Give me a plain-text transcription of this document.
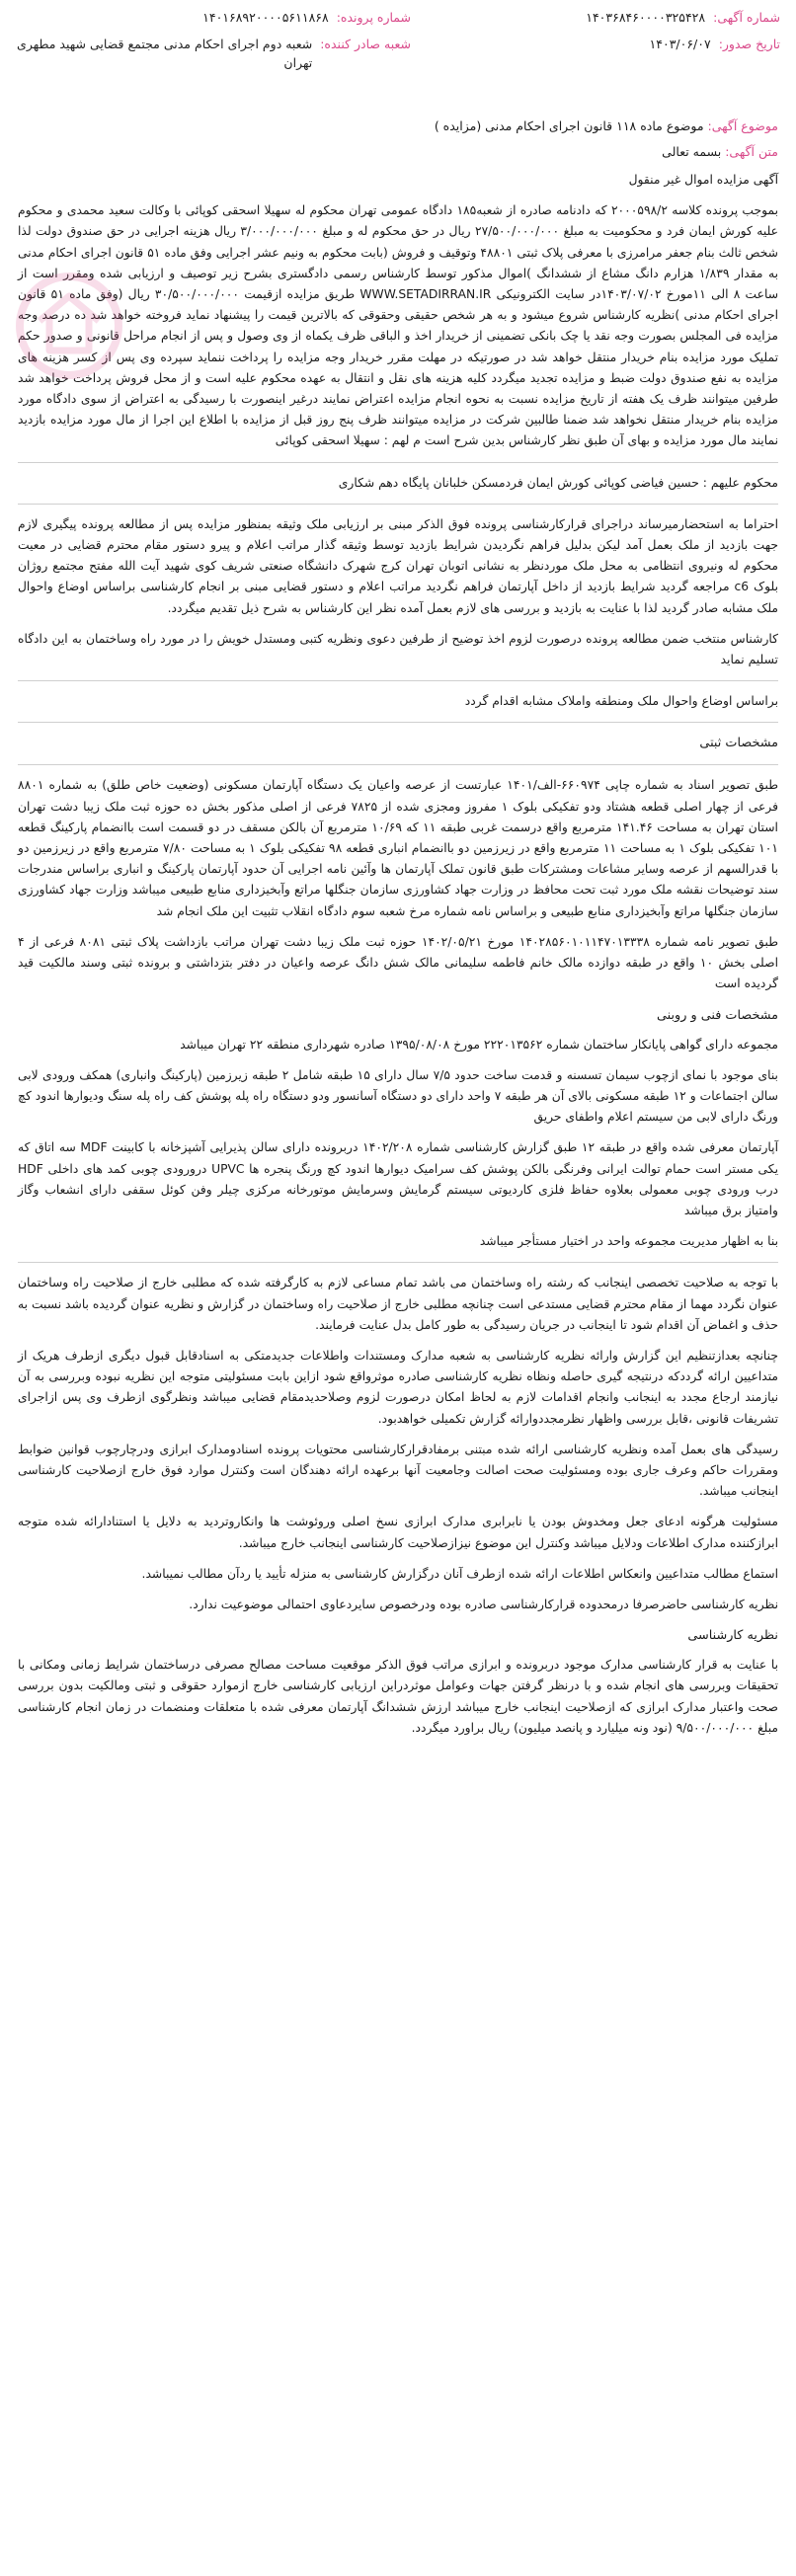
شماره آگهی:
۱۴۰۳۶۸۴۶۰۰۰۰۳۲۵۴۲۸
تاریخ صدور:
۱۴۰۳/۰۶/۰۷
شماره پرونده:
۱۴۰۱۶۸۹۲۰۰۰۰۵۶۱۱۸۶۸
شعبه صادر کننده:
شعبه دوم اجرای احکام مدنی مجتمع قضایی شهید مطهری تهران
موضوع آگهی: موضوع ماده ۱۱۸ قانون اجرای احکام مدنی (مزایده )
متن آگهی: بسمه تعالی
آگهی مزایده اموال غیر منقول
بموجب پرونده کلاسه ۲۰۰۰۵۹۸/۲ که دادنامه صادره از شعبه۱۸۵ دادگاه عمومی تهران محکوم له سهیلا اسحقی کوپائی با وکالت سعید محمدی و محکوم علیه کورش ایمان فرد و محکومیت به مبلغ ۲۷/۵۰۰/۰۰۰/۰۰۰ ریال در حق محکوم له و مبلغ ۳/۰۰۰/۰۰۰/۰۰۰ ریال هزینه اجرایی در حق صندوق دولت لذا شخص ثالث بنام جعفر مرامرزی با معرفی پلاک ثبتی ۴۸۸۰۱ وتوقیف و فروش (بابت محکوم به ونیم عشر اجرایی وفق ماده ۵۱ قانون اجرای احکام مدنی به مقدار ۱/۸۳۹ هزارم دانگ مشاع از ششدانگ )اموال مذکور توسط کارشناس رسمی دادگستری بشرح زیر توصیف و ارزیابی شده ومقرر است از ساعت ۸ الی ۱۱مورخ ۱۴۰۳/۰۷/۰۲در سایت الکترونیکی WWW.SETADIRRAN.IR طریق مزایده ازقیمت ۳۰/۵۰۰/۰۰۰/۰۰۰ ریال (وفق ماده ۵۱ قانون اجرای احکام مدنی )نظریه کارشناس شروع میشود و به هر شخص حقیقی وحقوقی که بالاترین قیمت را پیشنهاد نماید فروخته خواهد شد ده درصد وجه مزایده فی المجلس بصورت وجه نقد یا چک بانکی تضمینی از خریدار اخذ و الباقی ظرف یکماه از وی وصول و پس از انجام مراحل قانونی و صدور حکم تملیک مورد مزایده بنام خریدار منتقل خواهد شد در صورتیکه در مهلت مقرر خریدار وجه مزایده را پرداخت ننماید سپرده وی پس از کسر هزینه های مزایده به نفع صندوق دولت ضبط و مزایده تجدید میگردد کلیه هزینه های نقل و انتقال به عهده محکوم علیه است و از محل فروش پرداخت خواهد شد طرفین میتوانند ظرف یک هفته از تاریخ مزایده نسبت به نحوه انجام مزایده اعتراض نمایند درغیر اینصورت با رسیدگی به اعتراض از سوی دادگاه مورد مزایده بنام خریدار منتقل نخواهد شد ضمنا طالبین شرکت در مزایده میتوانند ظرف پنج روز قبل از مزایده با اطلاع این اجرا از مال مورد مزایده بازدید نمایند مال مورد مزایده و بهای آن طبق نظر کارشناس بدین شرح است م لهم : سهیلا اسحقی کوپائی
محکوم علیهم : حسین فیاضی کوپائی کورش ایمان فردمسکن خلبانان پایگاه دهم شکاری
احتراما به استحضارمیرساند دراجرای قرارکارشناسی پرونده فوق الذکر مبنی بر ارزیابی ملک وثیقه بمنظور مزایده پس از مطالعه پرونده پیگیری لازم جهت بازدید از ملک بعمل آمد لیکن بدلیل فراهم نگردیدن شرایط بازدید توسط وثیقه گذار مراتب اعلام و پیرو دستور مقام محترم قضایی در معیت محکوم له ونیروی انتظامی به محل ملک موردنظر به نشانی اتوبان تهران کرج شهرک دانشگاه صنعتی شریف کوی شهید آیت الله مفتح مجتمع روژان بلوک c6 مراجعه گردید شرایط بازدید از داخل آپارتمان فراهم نگردید مراتب اعلام و دستور قضایی مبنی بر انجام کارشناسی براساس اوضاع واحوال ملک مشابه صادر گردید لذا با عنایت به بازدید و بررسی های لازم بعمل آمده نظر این کارشناس به شرح ذیل تقدیم میگردد.
کارشناس منتخب ضمن مطالعه پرونده درصورت لزوم اخذ توضیح از طرفین دعوی ونظریه کتبی ومستدل خویش را در مورد راه وساختمان به این دادگاه تسلیم نماید
براساس اوضاع واحوال ملک ومنطقه واملاک مشابه اقدام گردد
مشخصات ثبتی
طبق تصویر اسناد به شماره چاپی ۶۶۰۹۷۴-الف/۱۴۰۱ عبارتست از عرصه واعیان یک دستگاه آپارتمان مسکونی (وضعیت خاص طلق) به شماره ۸۸۰۱ فرعی از چهار اصلی قطعه هشتاد ودو تفکیکی بلوک ۱ مفروز ومجزی شده از ۷۸۲۵ فرعی از اصلی مذکور بخش ده حوزه ثبت ملک زیبا دشت تهران استان تهران به مساحت ۱۴۱.۴۶ مترمربع واقع درسمت غربی طبقه ۱۱ که ۱۰/۶۹ مترمربع آن بالکن مسقف در دو قسمت است باانضمام پارکینگ قطعه ۱۰۱ تفکیکی بلوک ۱ به مساحت ۱۱ مترمربع واقع در زیرزمین دو باانضمام انباری قطعه ۹۸ تفکیکی بلوک ۱ به مساحت ۷/۸۰ مترمربع واقع در زیرزمین دو با قدرالسهم از عرصه وسایر مشاعات ومشترکات طبق قانون تملک آپارتمان ها وآئین نامه اجرایی آن حدود آپارتمان پارکینگ و انباری براساس مندرجات سند توضیحات نقشه ملک مورد ثبت تحت محافظ در وزارت جهاد کشاورزی سازمان جنگلها مراتع وآبخیزداری منابع طبیعی میباشد وزارت جهاد کشاورزی سازمان جنگلها مراتع وآبخیزداری منابع طبیعی و براساس نامه شماره مرخ شعبه سوم دادگاه انقلاب تثبیت این ملک انجام شد
طبق تصویر نامه شماره ۱۴۰۲۸۵۶۰۱۰۱۱۴۷۰۱۳۳۳۸ مورخ ۱۴۰۲/۰۵/۲۱ حوزه ثبت ملک زیبا دشت تهران مراتب بازداشت پلاک ثبتی ۸۰۸۱ فرعی از ۴ اصلی بخش ۱۰ واقع در طبقه دوازده مالک خانم فاطمه سلیمانی مالک شش دانگ عرصه واعیان در دفتر بتزداشتی و برونده ثبتی وسند مالکیت قید گردیده است
مشخصات فنی و روبنی
مجموعه دارای گواهی پایانکار ساختمان شماره ۲۲۲۰۱۳۵۶۲ مورخ ۱۳۹۵/۰۸/۰۸ صادره شهرداری منطقه ۲۲ تهران میباشد
بنای موجود با نمای ازچوب سیمان تسسنه و قدمت ساخت حدود ۷/۵ سال دارای ۱۵ طبقه شامل ۲ طبقه زیرزمین (پارکینگ وانباری) همکف ورودی لابی سالن اجتماعات و ۱۲ طبقه مسکونی بالای آن هر طبقه ۷ واحد دارای دو دستگاه آسانسور ودو دستگاه راه پله پوشش کف راه پله سنگ ودیوارها اندود کچ ورنگ دارای لابی من سیستم اعلام واطفای حریق
آپارتمان معرفی شده واقع در طبقه ۱۲ طبق گزارش کارشناسی شماره ۱۴۰۲/۲۰۸ دربرونده دارای سالن پذیرایی آشپزخانه با کابینت MDF سه اتاق که یکی مستر است حمام توالت ایرانی وفرنگی بالکن پوشش کف سرامیک دیوارها اندود کچ ورنگ پنجره ها UPVC درورودی چوبی کمد های داخلی HDF درب ورودی چوبی معمولی بعلاوه حفاظ فلزی کاردیوتی سیستم گرمایش وسرمایش موتورخانه مرکزی چیلر وفن کوئل سقفی دارای انشعاب وگاز وامتیاز برق میباشد
بنا به اظهار مدیریت مجموعه واحد در اختیار مستأجر میباشد
با توجه به صلاحیت تخصصی اینجانب که رشته راه وساختمان می باشد تمام مساعی لازم به کارگرفته شده که مطلبی خارج از صلاحیت راه وساختمان عنوان نگردد مهما از مقام محترم قضایی مستدعی است چنانچه مطلبی خارج از صلاحیت راه وساختمان در گزارش و نظریه عنوان گردیده باشد نسبت به حذف و اغماض آن اقدام شود تا اینجانب در جریان رسیدگی به طور کامل بدل عنایت فرمایند.
چنانچه بعدازتنظیم این گزارش وارائه نظریه کارشناسی به شعبه مدارک ومستندات واطلاعات جدیدمتکی به اسنادقابل قبول دیگری ازطرف هریک از متداعیین ارائه گرددکه درنتیجه گیری حاصله ونظاه نظریه کارشناسی صادره موثرواقع شود ازاین بابت مسئولیتی متوجه این نظریه نبوده وبررسی به آن نیازمند ارجاع مجدد به اینجانب وانجام اقدامات لازم به لحاظ امکان درصورت لزوم وصلاحدیدمقام قضایی میباشد ونظرگوی ازطرف وی پس ازاجرای تشریفات قانونی ،قابل بررسی واظهار نظرمجددوارائه گزارش تکمیلی خواهدبود.
رسیدگی های بعمل آمده ونظریه کارشناسی ارائه شده مبتنی برمفادقرارکارشناسی محتویات پرونده اسنادومدارک ابرازی ودرچارچوب قوانین ضوابط ومقررات حاکم وعرف جاری بوده ومسئولیت صحت اصالت وجامعیت آنها برعهده ارائه دهندگان است وکنترل موارد فوق خارج ازصلاحیت کارشناسی اینجانب میباشد.
مسئولیت هرگونه ادعای جعل ومخدوش بودن یا نابرابری مدارک ابرازی نسخ اصلی وروئوشت ها وانکاروتردید به دلایل یا استنادارائه شده متوجه ابرازکننده مدارک اطلاعات ودلایل میباشد وکنترل این موضوع نیزازصلاحیت کارشناسی اینجانب خارج میباشد.
استماع مطالب متداعیین وانعکاس اطلاعات ارائه شده ازطرف آنان درگزارش کارشناسی به منزله تأیید یا ردآن مطالب نمیباشد.
نظریه کارشناسی حاضرصرفا درمحدوده قرارکارشناسی صادره بوده ودرخصوص سایردعاوی احتمالی موضوعیت ندارد.
نظریه کارشناسی
با عنایت به قرار کارشناسی مدارک موجود دربرونده و ابرازی مراتب فوق الذکر موقعیت مساحت مصالح مصرفی درساختمان شرایط زمانی ومکانی با تحقیقات وبررسی های انجام شده و با درنظر گرفتن جهات وعوامل موثردراین ارزیابی کارشناسی خارج ازموارد حقوقی و ثبتی ومالکیت بدون بررسی صحت واعتبار مدارک ابرازی که ازصلاحیت اینجانب خارج میباشد ارزش ششدانگ آپارتمان معرفی شده با متعلقات ومنضمات در زمان انجام کارشناسی مبلغ ۹/۵۰۰/۰۰۰/۰۰۰ (نود ونه میلیارد و پانصد میلیون) ریال براورد میگردد.
